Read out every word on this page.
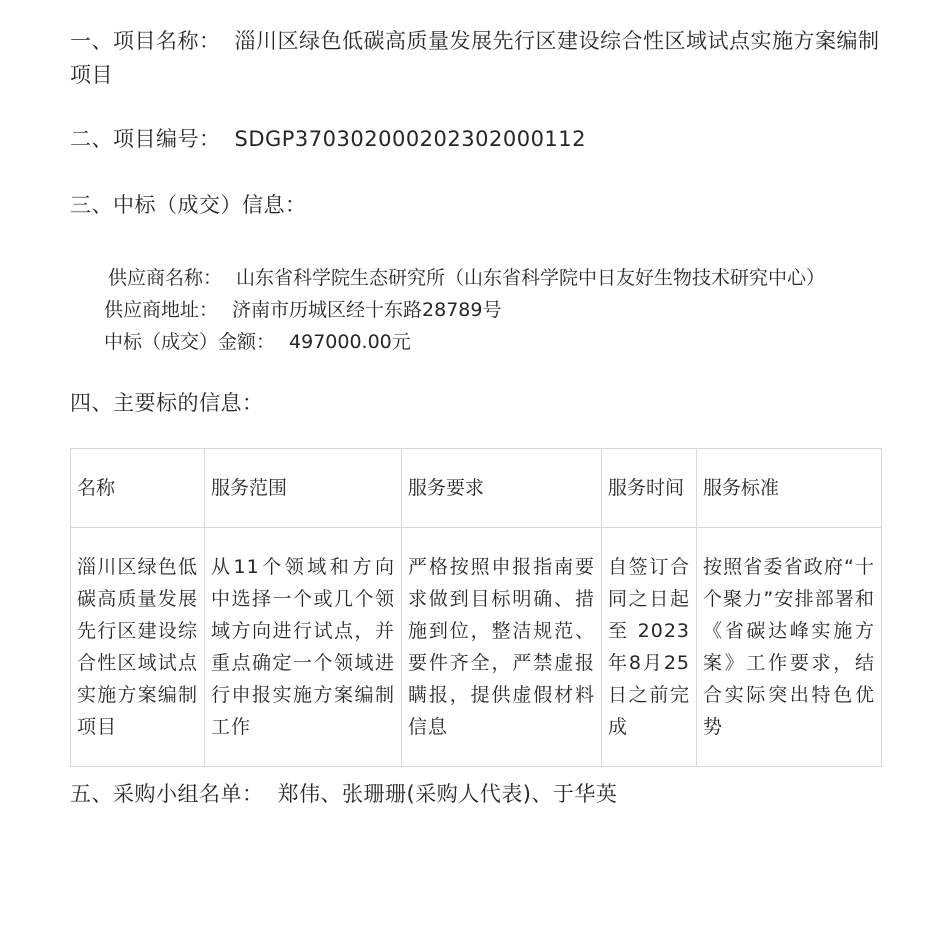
一、项目名称： 淄川区绿色低碳高质量发展先行区建设综合性区域试点实施方案编制项目

二、项目编号： SDGP370302000202302000112

三、中标（成交）信息：

供应商名称： 山东省科学院生态研究所（山东省科学院中日友好生物技术研究中心）

供应商地址： 济南市历城区经十东路28789号

中标（成交）金额： 497000.00元

四、主要标的信息：

名称	服务范围	服务要求	服务时间	服务标准
淄川区绿色低碳高质量发展先行区建设综合性区域试点实施方案编制项目	从11个领域和方向中选择一个或几个领域方向进行试点，并重点确定一个领域进行申报实施方案编制工作	严格按照申报指南要求做到目标明确、措施到位，整洁规范、要件齐全，严禁虚报瞒报，提供虚假材料信息	自签订合同之日起至2023年8月25日之前完成	按照省委省政府“十个聚力”安排部署和《省碳达峰实施方案》工作要求，结合实际突出特色优势

五、采购小组名单： 郑伟、张珊珊(采购人代表)、于华英
